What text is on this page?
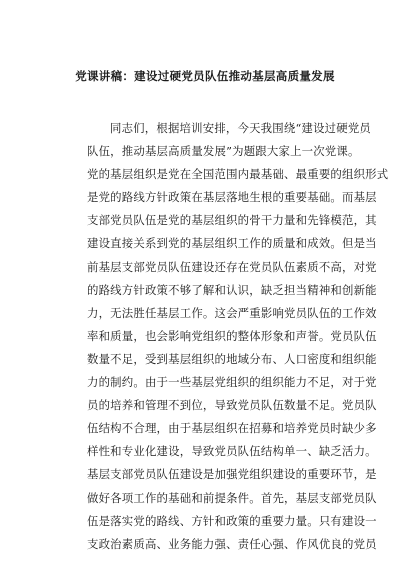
党课讲稿：建设过硬党员队伍推动基层高质量发展
同志们，根据培训安排，今天我围绕“建设过硬党员
队伍，推动基层高质量发展”为题跟大家上一次党课。
党的基层组织是党在全国范围内最基础、最重要的组织形式
是党的路线方针政策在基层落地生根的重要基础。而基层
支部党员队伍是党的基层组织的骨干力量和先锋模范，其
建设直接关系到党的基层组织工作的质量和成效。但是当
前基层支部党员队伍建设还存在党员队伍素质不高，对党
的路线方针政策不够了解和认识，缺乏担当精神和创新能
力，无法胜任基层工作。这会严重影响党员队伍的工作效
率和质量，也会影响党组织的整体形象和声誉。党员队伍
数量不足，受到基层组织的地域分布、人口密度和组织能
力的制约。由于一些基层党组织的组织能力不足，对于党
员的培养和管理不到位，导致党员队伍数量不足。党员队
伍结构不合理，由于基层组织在招募和培养党员时缺少多
样性和专业化建设，导致党员队伍结构单一、缺乏活力。
基层支部党员队伍建设是加强党组织建设的重要环节，是
做好各项工作的基础和前提条件。首先，基层支部党员队
伍是落实党的路线、方针和政策的重要力量。只有建设一
支政治素质高、业务能力强、责任心强、作风优良的党员
